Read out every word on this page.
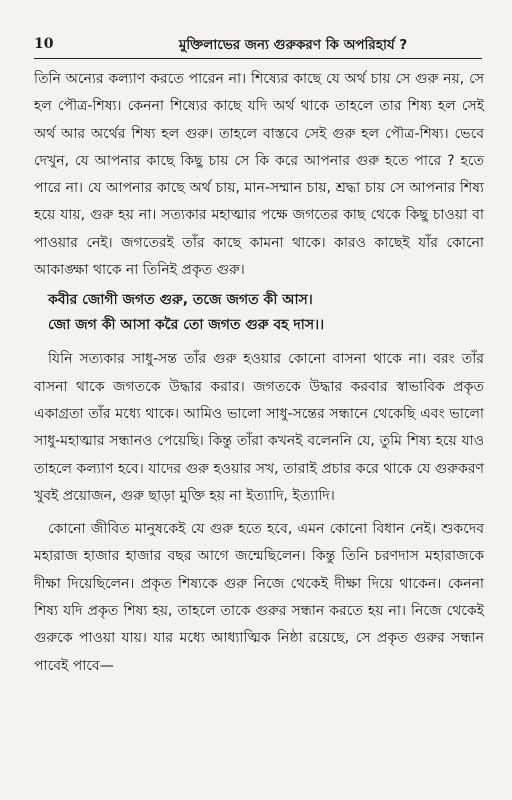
10	মুক্তিলাভের জন্য গুরুকরণ কি অপরিহার্য ?

তিনি অন্যের কল্যাণ করতে পারেন না। শিষ্যের কাছে যে অর্থ চায় সে গুরু নয়, সে হল পৌত্র-শিষ্য। কেননা শিষ্যের কাছে যদি অর্থ থাকে তাহলে তার শিষ্য হল সেই অর্থ আর অর্থের শিষ্য হল গুরু। তাহলে বাস্তবে সেই গুরু হল পৌত্র-শিষ্য। ভেবে দেখুন, যে আপনার কাছে কিছু চায় সে কি করে আপনার গুরু হতে পারে ? হতে পারে না। যে আপনার কাছে অর্থ চায়, মান-সম্মান চায়, শ্রদ্ধা চায় সে আপনার শিষ্য হয়ে যায়, গুরু হয় না। সত্যকার মহাত্মার পক্ষে জগতের কাছ থেকে কিছু চাওয়া বা পাওয়ার নেই। জগতেরই তাঁর কাছে কামনা থাকে। কারও কাছেই যাঁর কোনো আকাঙ্ক্ষা থাকে না তিনিই প্রকৃত গুরু।

কবীর জোগী জগত গুরু, তজে জগত কী আস।
জো জগ কী আসা করৈ তো জগত গুরু বহ দাস।।

যিনি সত্যকার সাধু-সন্ত তাঁর গুরু হওয়ার কোনো বাসনা থাকে না। বরং তাঁর বাসনা থাকে জগতকে উদ্ধার করার। জগতকে উদ্ধার করবার স্বাভাবিক প্রকৃত একাগ্রতা তাঁর মধ্যে থাকে। আমিও ভালো সাধু-সন্তের সন্ধানে থেকেছি এবং ভালো সাধু-মহাত্মার সন্ধানও পেয়েছি। কিন্তু তাঁরা কখনই বলেননি যে, তুমি শিষ্য হয়ে যাও তাহলে কল্যাণ হবে। যাদের গুরু হওয়ার সখ, তারাই প্রচার করে থাকে যে গুরুকরণ খুবই প্রয়োজন, গুরু ছাড়া মুক্তি হয় না ইত্যাদি, ইত্যাদি।

কোনো জীবিত মানুষকেই যে গুরু হতে হবে, এমন কোনো বিধান নেই। শুকদেব মহারাজ হাজার হাজার বছর আগে জন্মেছিলেন। কিন্তু তিনি চরণদাস মহারাজকে দীক্ষা দিয়েছিলেন। প্রকৃত শিষ্যকে গুরু নিজে থেকেই দীক্ষা দিয়ে থাকেন। কেননা শিষ্য যদি প্রকৃত শিষ্য হয়, তাহলে তাকে গুরুর সন্ধান করতে হয় না। নিজে থেকেই গুরুকে পাওয়া যায়। যার মধ্যে আধ্যাত্মিক নিষ্ঠা রয়েছে, সে প্রকৃত গুরুর সন্ধান পাবেই পাবে—
